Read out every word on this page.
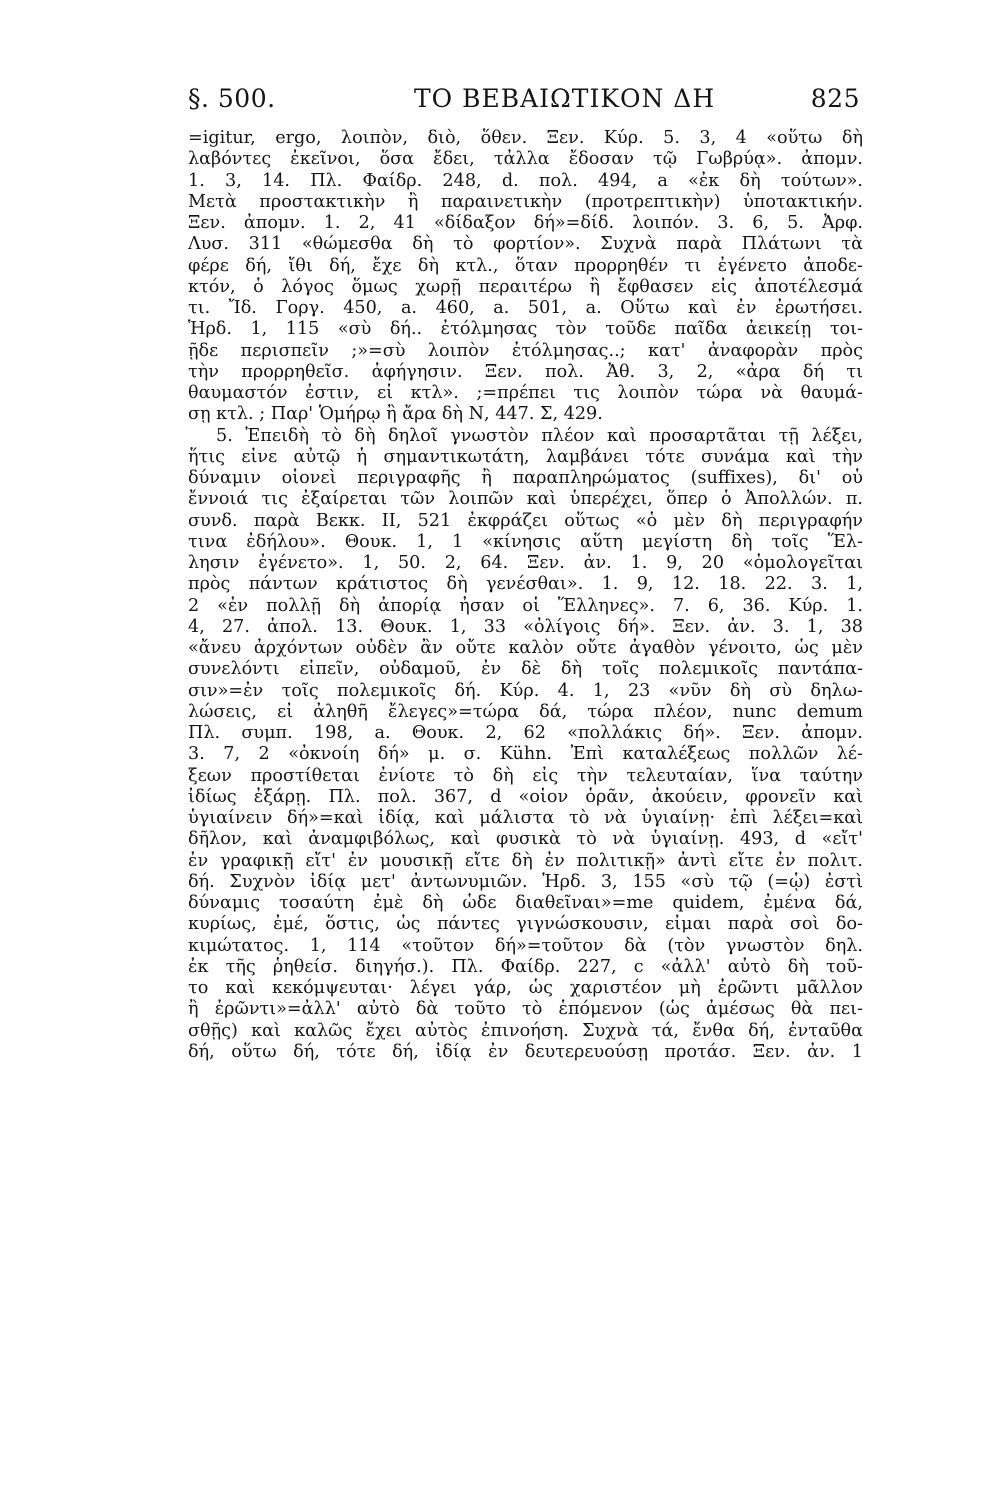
§. 500.	ΤΟ ΒΕΒΑΙΩΤΙΚΟΝ ΔΗ	825
=igitur, ergo, λοιπὸν, διὸ, ὅθεν. Ξεν. Κύρ. 5. 3, 4 «οὕτω δὴ
λαβόντες ἐκεῖνοι, ὅσα ἔδει, τἆλλα ἔδοσαν τῷ Γωβρύᾳ». ἀπομν.
1. 3, 14. Πλ. Φαίδρ. 248, d. πολ. 494, a «ἐκ δὴ τούτων».
Μετὰ προστακτικὴν ἢ παραινετικὴν (προτρεπτικὴν) ὑποτακτικήν.
Ξεν. ἀπομν. 1. 2, 41 «δίδαξον δή»=δίδ. λοιπόν. 3. 6, 5. Ἀρφ.
Λυσ. 311 «θώμεσθα δὴ τὸ φορτίον». Συχνὰ παρὰ Πλάτωνι τὰ
φέρε δή, ἴθι δή, ἔχε δὴ κτλ., ὅταν προρρηθέν τι ἐγένετο ἀποδε-
κτόν, ὁ λόγος ὅμως χωρῇ περαιτέρω ἢ ἔφθασεν εἰς ἀποτέλεσμά
τι. Ἴδ. Γοργ. 450, a. 460, a. 501, a. Οὕτω καὶ ἐν ἐρωτήσει.
Ἡρδ. 1, 115 «σὺ δή.. ἐτόλμησας τὸν τοῦδε παῖδα ἀεικείῃ τοι-
ῇδε περισπεῖν ;»=σὺ λοιπὸν ἐτόλμησας..; κατ' ἀναφορὰν πρὸς
τὴν προρρηθεῖσ. ἀφήγησιν. Ξεν. πολ. Ἀθ. 3, 2, «ἆρα δή τι
θαυμαστόν ἐστιν, εἰ κτλ». ;=πρέπει τις λοιπὸν τώρα νὰ θαυμά-
σῃ κτλ. ; Παρ' Ὁμήρῳ ἢ ἄρα δὴ Ν, 447. Σ, 429.
5. Ἐπειδὴ τὸ δὴ δηλοῖ γνωστὸν πλέον καὶ προσαρτᾶται τῇ λέξει,
ἥτις εἶνε αὐτῷ ἡ σημαντικωτάτη, λαμβάνει τότε συνάμα καὶ τὴν
δύναμιν οἱονεὶ περιγραφῆς ἢ παραπληρώματος (suffixes), δι' οὗ
ἔννοιά τις ἐξαίρεται τῶν λοιπῶν καὶ ὑπερέχει, ὅπερ ὁ Ἀπολλών. π.
συνδ. παρὰ Βεκκ. ΙΙ, 521 ἐκφράζει οὕτως «ὁ μὲν δὴ περιγραφήν
τινα ἐδήλου». Θουκ. 1, 1 «κίνησις αὕτη μεγίστη δὴ τοῖς Ἕλ-
λησιν ἐγένετο». 1, 50. 2, 64. Ξεν. ἀν. 1. 9, 20 «ὁμολογεῖται
πρὸς πάντων κράτιστος δὴ γενέσθαι». 1. 9, 12. 18. 22. 3. 1,
2 «ἐν πολλῇ δὴ ἀπορίᾳ ἦσαν οἱ Ἕλληνες». 7. 6, 36. Κύρ. 1.
4, 27. ἀπολ. 13. Θουκ. 1, 33 «ὀλίγοις δή». Ξεν. ἀν. 3. 1, 38
«ἄνευ ἀρχόντων οὐδὲν ἂν οὔτε καλὸν οὔτε ἀγαθὸν γένοιτο, ὡς μὲν
συνελόντι εἰπεῖν, οὐδαμοῦ, ἐν δὲ δὴ τοῖς πολεμικοῖς παντάπα-
σιν»=ἐν τοῖς πολεμικοῖς δή. Κύρ. 4. 1, 23 «νῦν δὴ σὺ δηλω-
λώσεις, εἰ ἀληθῆ ἔλεγες»=τώρα δά, τώρα πλέον, nunc demum
Πλ. συμπ. 198, a. Θουκ. 2, 62 «πολλάκις δή». Ξεν. ἀπομν.
3. 7, 2 «ὀκνοίη δή» μ. σ. Kühn. Ἐπὶ καταλέξεως πολλῶν λέ-
ξεων προστίθεται ἐνίοτε τὸ δὴ εἰς τὴν τελευταίαν, ἵνα ταύτην
ἰδίως ἐξάρῃ. Πλ. πολ. 367, d «οἷον ὁρᾶν, ἀκούειν, φρονεῖν καὶ
ὑγιαίνειν δή»=καὶ ἰδίᾳ, καὶ μάλιστα τὸ νὰ ὑγιαίνῃ· ἐπὶ λέξει=καὶ
δῆλον, καὶ ἀναμφιβόλως, καὶ φυσικὰ τὸ νὰ ὑγιαίνῃ. 493, d «εἴτ'
ἐν γραφικῇ εἴτ' ἐν μουσικῇ εἴτε δὴ ἐν πολιτικῇ» ἀντὶ εἴτε ἐν πολιτ.
δή. Συχνὸν ἰδίᾳ μετ' ἀντωνυμιῶν. Ἡρδ. 3, 155 «σὺ τῷ (=ᾧ) ἐστὶ
δύναμις τοσαύτη ἐμὲ δὴ ὧδε διαθεῖναι»=me quidem, ἐμένα δά,
κυρίως, ἐμέ, ὅστις, ὡς πάντες γιγνώσκουσιν, εἶμαι παρὰ σοὶ δο-
κιμώτατος. 1, 114 «τοῦτον δή»=τοῦτον δὰ (τὸν γνωστὸν δηλ.
ἐκ τῆς ῥηθείσ. διηγήσ.). Πλ. Φαίδρ. 227, c «ἀλλ' αὐτὸ δὴ τοῦ-
το καὶ κεκόμψευται· λέγει γάρ, ὡς χαριστέον μὴ ἐρῶντι μᾶλλον
ἢ ἐρῶντι»=ἀλλ' αὐτὸ δὰ τοῦτο τὸ ἑπόμενον (ὡς ἀμέσως θὰ πει-
σθῇς) καὶ καλῶς ἔχει αὐτὸς ἐπινοήση. Συχνὰ τά, ἔνθα δή, ἐνταῦθα
δή, οὕτω δή, τότε δή, ἰδίᾳ ἐν δευτερευούσῃ προτάσ. Ξεν. ἀν. 1
